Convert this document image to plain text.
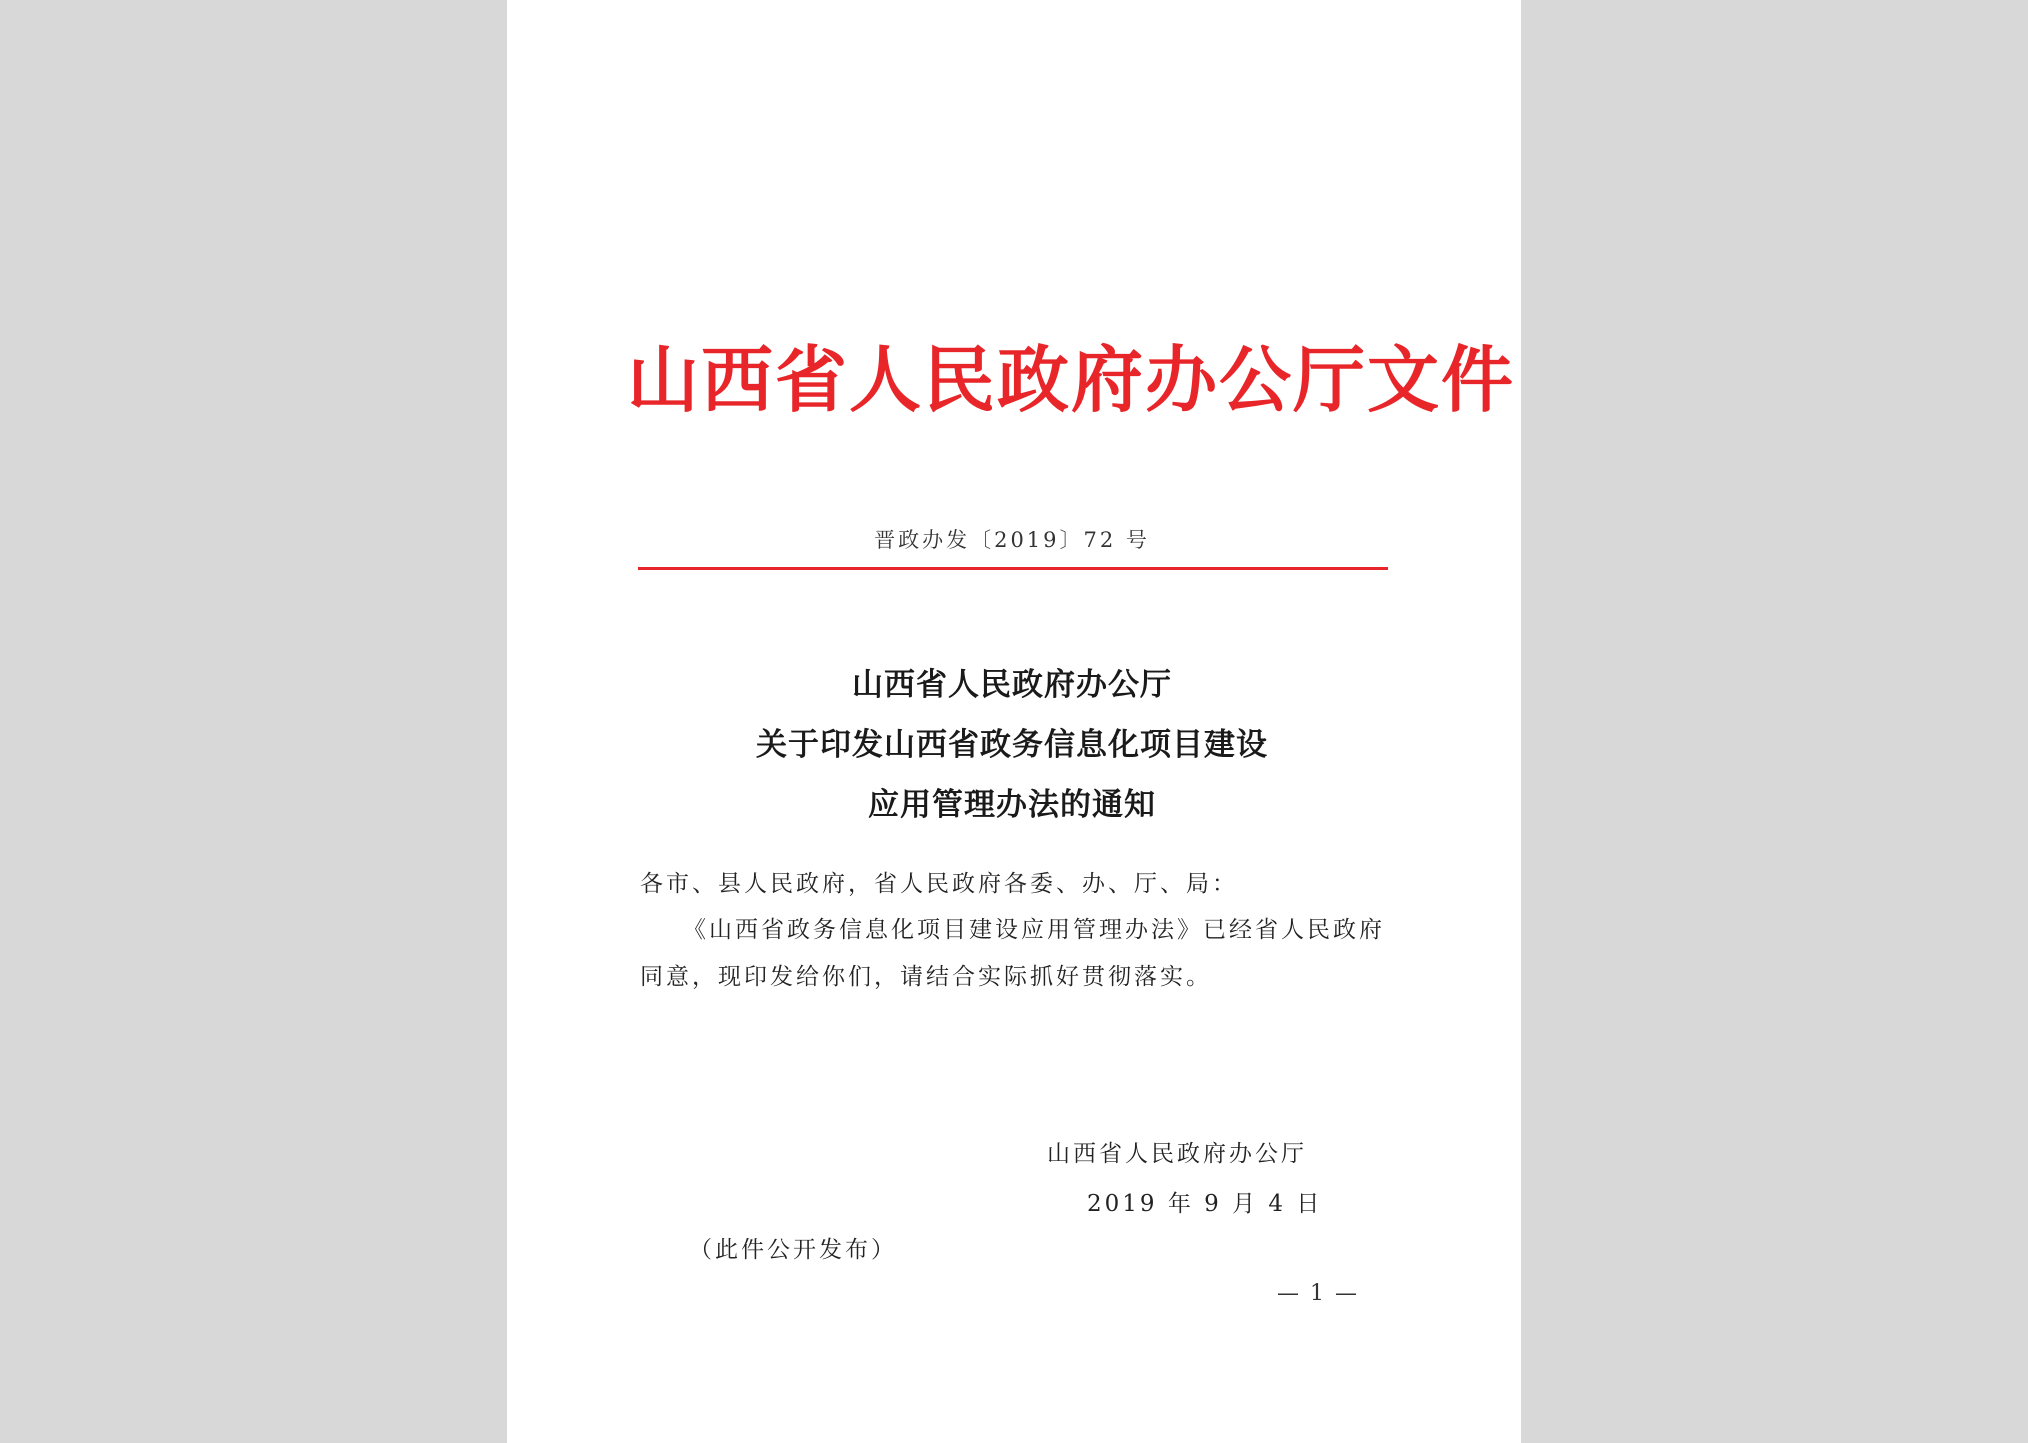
山西省人民政府办公厅文件
晋政办发〔2019〕72 号
山西省人民政府办公厅
关于印发山西省政务信息化项目建设
应用管理办法的通知
各市、县人民政府，省人民政府各委、办、厅、局：
《山西省政务信息化项目建设应用管理办法》已经省人民政府
同意，现印发给你们，请结合实际抓好贯彻落实。
山西省人民政府办公厅
2019 年 9 月 4 日
（此件公开发布）
— 1 —
